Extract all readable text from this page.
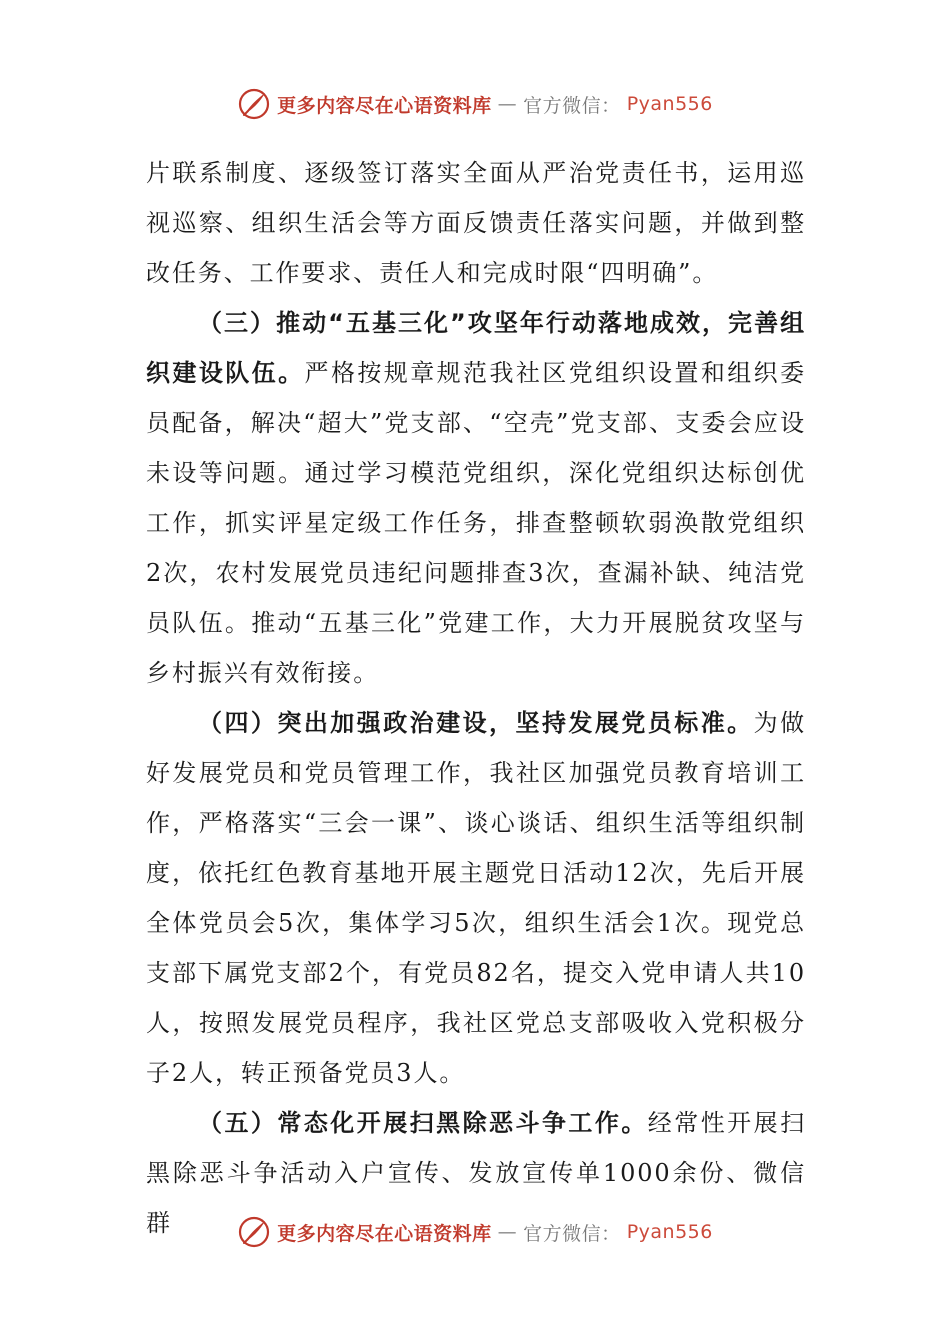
更多内容尽在心语资料库 — 官方微信： Pyan556

片联系制度、逐级签订落实全面从严治党责任书，运用巡视巡察、组织生活会等方面反馈责任落实问题，并做到整改任务、工作要求、责任人和完成时限“四明确”。

（三）推动“五基三化”攻坚年行动落地成效，完善组织建设队伍。严格按规章规范我社区党组织设置和组织委员配备，解决“超大”党支部、“空壳”党支部、支委会应设未设等问题。通过学习模范党组织，深化党组织达标创优工作，抓实评星定级工作任务，排查整顿软弱涣散党组织2次，农村发展党员违纪问题排查3次，查漏补缺、纯洁党员队伍。推动“五基三化”党建工作，大力开展脱贫攻坚与乡村振兴有效衔接。

（四）突出加强政治建设，坚持发展党员标准。为做好发展党员和党员管理工作，我社区加强党员教育培训工作，严格落实“三会一课”、谈心谈话、组织生活等组织制度，依托红色教育基地开展主题党日活动12次，先后开展全体党员会5次，集体学习5次，组织生活会1次。现党总支部下属党支部2个，有党员82名，提交入党申请人共10人，按照发展党员程序，我社区党总支部吸收入党积极分子2人，转正预备党员3人。

（五）常态化开展扫黑除恶斗争工作。经常性开展扫黑除恶斗争活动入户宣传、发放宣传单1000余份、微信群	更多内容尽在心语资料库 — 官方微信： Pyan556
